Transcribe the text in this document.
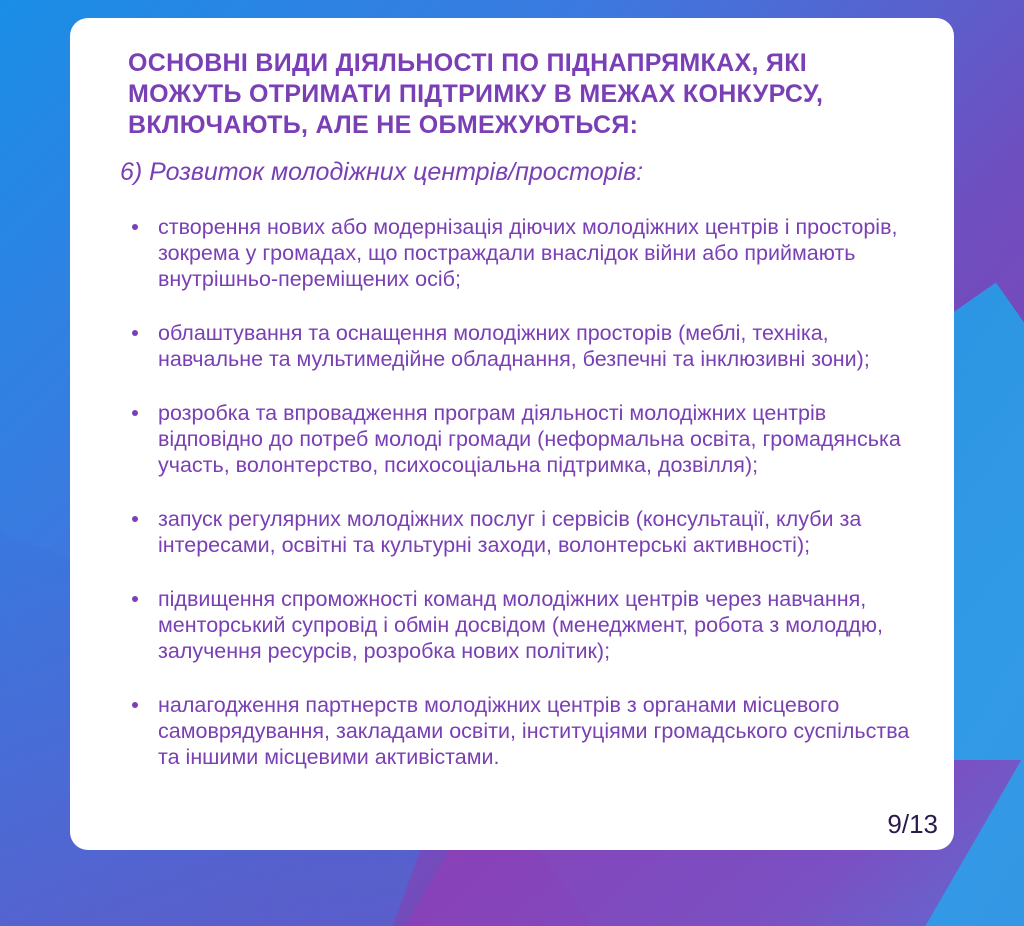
ОСНОВНІ ВИДИ ДІЯЛЬНОСТІ ПО ПІДНАПРЯМКАХ, ЯКІ МОЖУТЬ ОТРИМАТИ ПІДТРИМКУ В МЕЖАХ КОНКУРСУ, ВКЛЮЧАЮТЬ, АЛЕ НЕ ОБМЕЖУЮТЬСЯ:
6) Розвиток молодіжних центрів/просторів:
створення нових або модернізація діючих молодіжних центрів і просторів, зокрема у громадах, що постраждали внаслідок війни або приймають внутрішньо-переміщених осіб;
облаштування та оснащення молодіжних просторів (меблі, техніка, навчальне та мультимедійне обладнання, безпечні та інклюзивні зони);
розробка та впровадження програм діяльності молодіжних центрів відповідно до потреб молоді громади (неформальна освіта, громадянська участь, волонтерство, психосоціальна підтримка, дозвілля);
запуск регулярних молодіжних послуг і сервісів (консультації, клуби за інтересами, освітні та культурні заходи, волонтерські активності);
підвищення спроможності команд молодіжних центрів через навчання, менторський супровід і обмін досвідом (менеджмент, робота з молоддю, залучення ресурсів, розробка нових політик);
налагодження партнерств молодіжних центрів з органами місцевого самоврядування, закладами освіти, інституціями громадського суспільства та іншими місцевими активістами.
9/13
